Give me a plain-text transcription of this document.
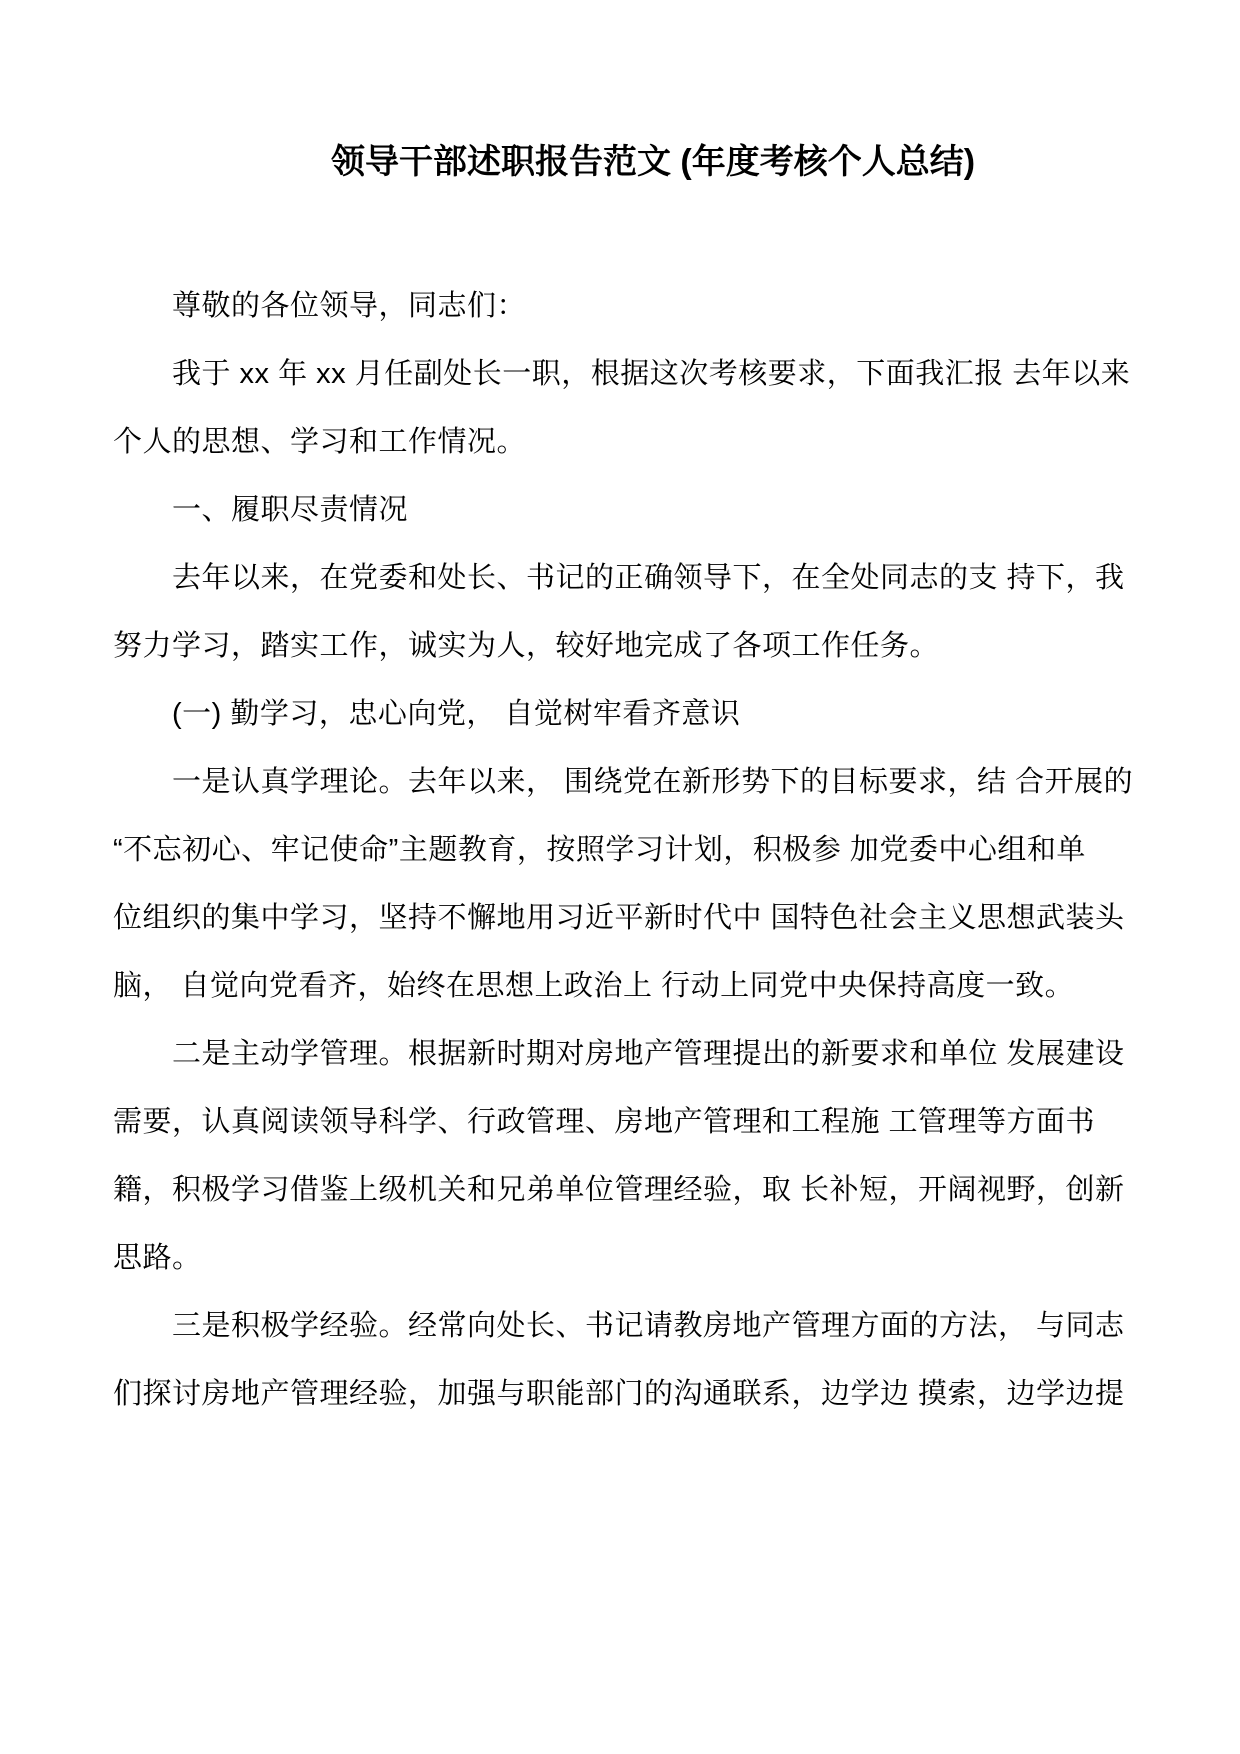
领导干部述职报告范文 (年度考核个人总结)
尊敬的各位领导，同志们：
我于 xx 年 xx 月任副处长一职，根据这次考核要求，下面我汇报 去年以来
个人的思想、学习和工作情况。
一、履职尽责情况
去年以来，在党委和处长、书记的正确领导下，在全处同志的支 持下，我
努力学习，踏实工作，诚实为人，较好地完成了各项工作任务。
(一) 勤学习，忠心向党， 自觉树牢看齐意识
一是认真学理论。去年以来， 围绕党在新形势下的目标要求，结 合开展的
“不忘初心、牢记使命”主题教育，按照学习计划，积极参 加党委中心组和单
位组织的集中学习，坚持不懈地用习近平新时代中 国特色社会主义思想武装头
脑， 自觉向党看齐，始终在思想上政治上 行动上同党中央保持高度一致。
二是主动学管理。根据新时期对房地产管理提出的新要求和单位 发展建设
需要，认真阅读领导科学、行政管理、房地产管理和工程施 工管理等方面书
籍，积极学习借鉴上级机关和兄弟单位管理经验，取 长补短，开阔视野，创新
思路。
三是积极学经验。经常向处长、书记请教房地产管理方面的方法， 与同志
们探讨房地产管理经验，加强与职能部门的沟通联系，边学边 摸索，边学边提
